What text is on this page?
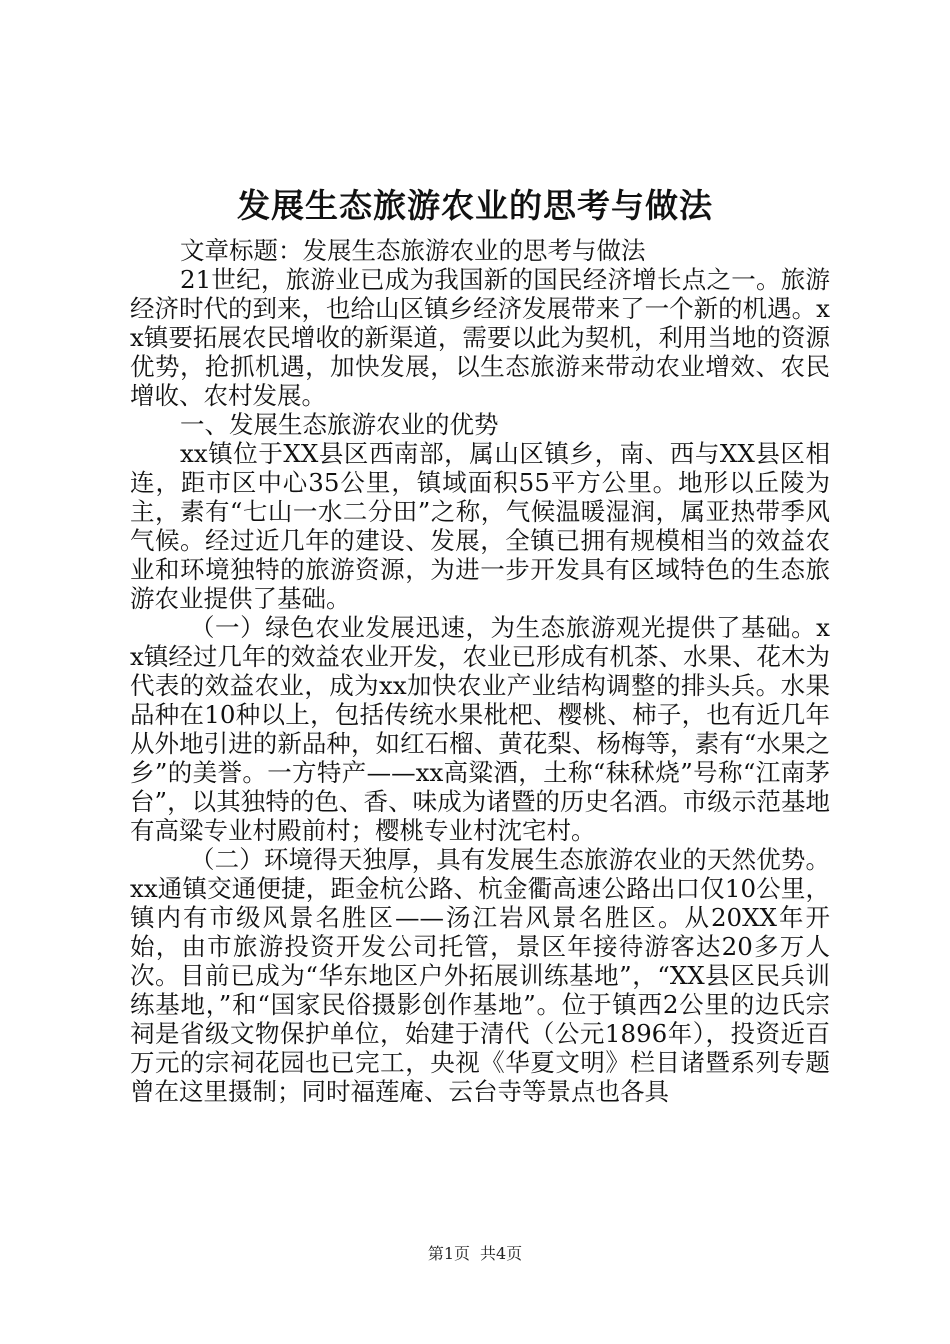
发展生态旅游农业的思考与做法

文章标题：发展生态旅游农业的思考与做法

21世纪，旅游业已成为我国新的国民经济增长点之一。旅游经济时代的到来，也给山区镇乡经济发展带来了一个新的机遇。xx镇要拓展农民增收的新渠道，需要以此为契机，利用当地的资源优势，抢抓机遇，加快发展，以生态旅游来带动农业增效、农民增收、农村发展。

一、发展生态旅游农业的优势

xx镇位于XX县区西南部，属山区镇乡，南、西与XX县区相连，距市区中心35公里，镇域面积55平方公里。地形以丘陵为主，素有“七山一水二分田”之称，气候温暖湿润，属亚热带季风气候。经过近几年的建设、发展，全镇已拥有规模相当的效益农业和环境独特的旅游资源，为进一步开发具有区域特色的生态旅游农业提供了基础。

（一）绿色农业发展迅速，为生态旅游观光提供了基础。xx镇经过几年的效益农业开发，农业已形成有机茶、水果、花木为代表的效益农业，成为xx加快农业产业结构调整的排头兵。水果品种在10种以上，包括传统水果枇杷、樱桃、柿子，也有近几年从外地引进的新品种，如红石榴、黄花梨、杨梅等，素有“水果之乡”的美誉。一方特产——xx高粱酒，土称“秣秫烧”号称“江南茅台”，以其独特的色、香、味成为诸暨的历史名酒。市级示范基地有高粱专业村殿前村；樱桃专业村沈宅村。

（二）环境得天独厚，具有发展生态旅游农业的天然优势。xx通镇交通便捷，距金杭公路、杭金衢高速公路出口仅10公里，镇内有市级风景名胜区——汤江岩风景名胜区。从20XX年开始，由市旅游投资开发公司托管，景区年接待游客达20多万人次。目前已成为“华东地区户外拓展训练基地”，“XX县区民兵训练基地，”和“国家民俗摄影创作基地”。位于镇西2公里的边氏宗祠是省级文物保护单位，始建于清代（公元1896年），投资近百万元的宗祠花园也已完工，央视《华夏文明》栏目诸暨系列专题曾在这里摄制；同时福莲庵、云台寺等景点也各具

第1页 共4页
